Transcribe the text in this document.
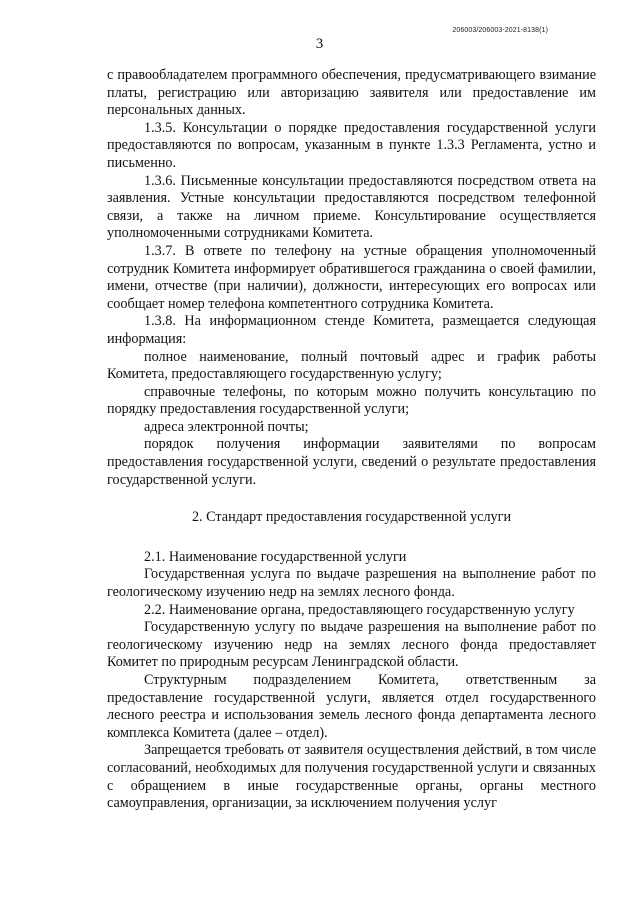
206003/206003-2021-8138(1)
3

с правообладателем программного обеспечения, предусматривающего взимание платы, регистрацию или авторизацию заявителя или предоставление им персональных данных.

1.3.5. Консультации о порядке предоставления государственной услуги предоставляются по вопросам, указанным в пункте 1.3.3 Регламента, устно и письменно.

1.3.6. Письменные консультации предоставляются посредством ответа на заявления. Устные консультации предоставляются посредством телефонной связи, а также на личном приеме. Консультирование осуществляется уполномоченными сотрудниками Комитета.

1.3.7. В ответе по телефону на устные обращения уполномоченный сотрудник Комитета информирует обратившегося гражданина о своей фамилии, имени, отчестве (при наличии), должности, интересующих его вопросах или сообщает номер телефона компетентного сотрудника Комитета.

1.3.8. На информационном стенде Комитета, размещается следующая информация:

полное наименование, полный почтовый адрес и график работы Комитета, предоставляющего государственную услугу;

справочные телефоны, по которым можно получить консультацию по порядку предоставления государственной услуги;

адреса электронной почты;

порядок получения информации заявителями по вопросам предоставления государственной услуги, сведений о результате предоставления государственной услуги.

2. Стандарт предоставления государственной услуги

2.1. Наименование государственной услуги

Государственная услуга по выдаче разрешения на выполнение работ по геологическому изучению недр на землях лесного фонда.

2.2. Наименование органа, предоставляющего государственную услугу

Государственную услугу по выдаче разрешения на выполнение работ по геологическому изучению недр на землях лесного фонда предоставляет Комитет по природным ресурсам Ленинградской области.

Структурным подразделением Комитета, ответственным за предоставление государственной услуги, является отдел государственного лесного реестра и использования земель лесного фонда департамента лесного комплекса Комитета (далее – отдел).

Запрещается требовать от заявителя осуществления действий, в том числе согласований, необходимых для получения государственной услуги и связанных с обращением в иные государственные органы, органы местного самоуправления, организации, за исключением получения услуг
